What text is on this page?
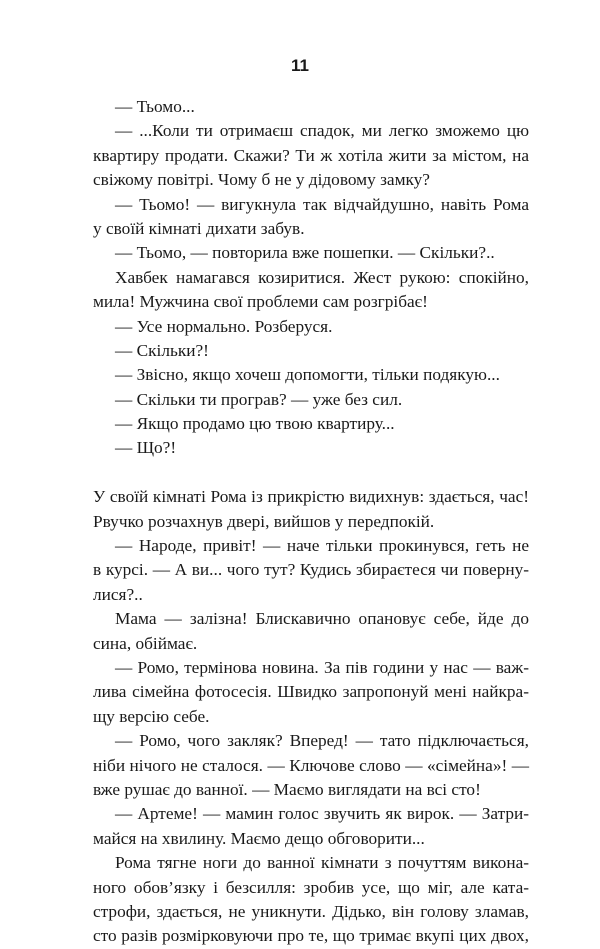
11
— Тьомо...
— ...Коли ти отримаєш спадок, ми легко зможемо цю
квартиру продати. Скажи? Ти ж хотіла жити за містом, на
свіжому повітрі. Чому б не у дідовому замку?
— Тьомо! — вигукнула так відчайдушно, навіть Рома
у своїй кімнаті дихати забув.
— Тьомо, — повторила вже пошепки. — Скільки?..
Хавбек намагався козиритися. Жест рукою: спокійно,
мила! Мужчина свої проблеми сам розгрібає!
— Усе нормально. Розберуся.
— Скільки?!
— Звісно, якщо хочеш допомогти, тільки подякую...
— Скільки ти програв? — уже без сил.
— Якщо продамо цю твою квартиру...
— Що?!
У своїй кімнаті Рома із прикрістю видихнув: здається, час!
Рвучко розчахнув двері, вийшов у передпокій.
— Народе, привіт! — наче тільки прокинувся, геть не
в курсі. — А ви... чого тут? Кудись збираєтеся чи поверну-
лися?..
Мама — залізна! Блискавично опановує себе, йде до
сина, обіймає.
— Ромо, термінова новина. За пів години у нас — важ-
лива сімейна фотосесія. Швидко запропонуй мені найкра-
щу версію себе.
— Ромо, чого закляк? Вперед! — тато підключається,
ніби нічого не сталося. — Ключове слово — «сімейна»! —
вже рушає до ванної. — Маємо виглядати на всі сто!
— Артеме! — мамин голос звучить як вирок. — Затри-
майся на хвилину. Маємо дещо обговорити...
Рома тягне ноги до ванної кімнати з почуттям викона-
ного обов’язку і безсилля: зробив усе, що міг, але ката-
строфи, здається, не уникнути. Дідько, він голову зламав,
сто разів розмірковуючи про те, що тримає вкупі цих двох,
